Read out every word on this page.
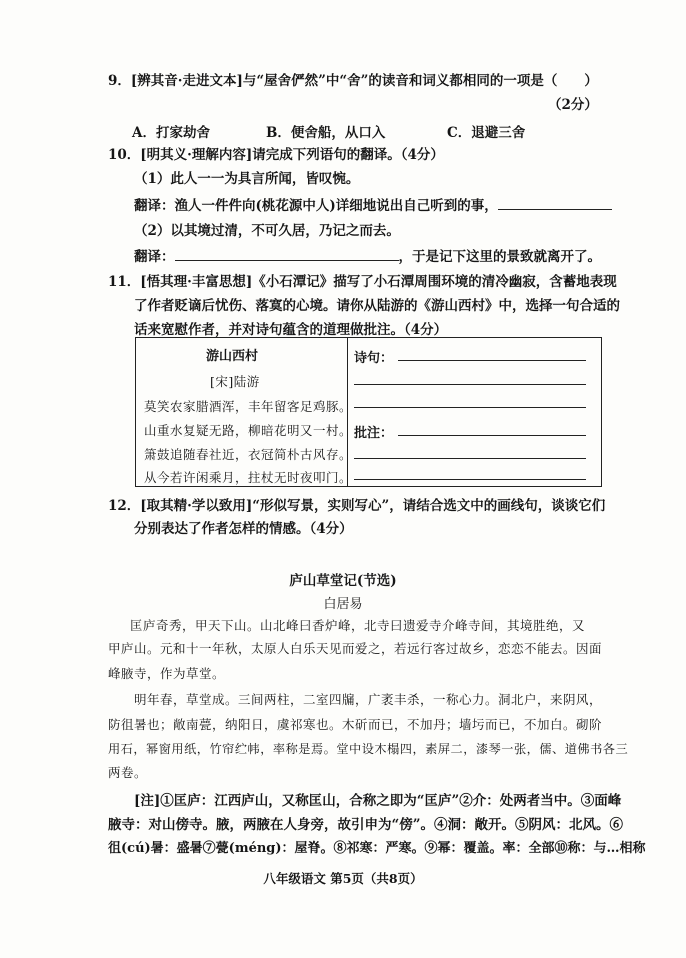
9．[辨其音·走进文本]与“屋舍俨然”中“舍”的读音和词义都相同的一项是（　　）
（2分）
A．打家劫舍	B．便舍船，从口入	C．退避三舍
10．[明其义·理解内容]请完成下列语句的翻译。（4分）
（1）此人一一为具言所闻，皆叹惋。
翻译：渔人一件件向(桃花源中人)详细地说出自己听到的事，
（2）以其境过清，不可久居，乃记之而去。
翻译：	，于是记下这里的景致就离开了。
11．[悟其理·丰富思想]《小石潭记》描写了小石潭周围环境的清冷幽寂，含蓄地表现
了作者贬谪后忧伤、落寞的心境。请你从陆游的《游山西村》中，选择一句合适的
话来宽慰作者，并对诗句蕴含的道理做批注。（4分）
游山西村
[宋]陆游
莫笑农家腊酒浑，丰年留客足鸡豚。
山重水复疑无路，柳暗花明又一村。
箫鼓追随春社近，衣冠简朴古风存。
从今若许闲乘月，拄杖无时夜叩门。
诗句：
批注：
12．[取其精·学以致用]“形似写景，实则写心”，请结合选文中的画线句，谈谈它们
分别表达了作者怎样的情感。（4分）
庐山草堂记(节选)
白居易
匡庐奇秀，甲天下山。山北峰曰香炉峰，北寺曰遗爱寺介峰寺间，其境胜绝，又
甲庐山。元和十一年秋，太原人白乐天见而爱之，若远行客过故乡，恋恋不能去。因面
峰腋寺，作为草堂。
明年春，草堂成。三间两柱，二室四牖，广袤丰杀，一称心力。洞北户，来阴风，
防徂暑也；敞南甍，纳阳日，虞祁寒也。木斫而已，不加丹；墙圬而已，不加白。砌阶
用石，幂窗用纸，竹帘纻帏，率称是焉。堂中设木榻四，素屏二，漆琴一张，儒、道佛书各三
两卷。
[注]①匡庐：江西庐山，又称匡山，合称之即为“匡庐”②介：处两者当中。③面峰
腋寺：对山傍寺。腋，两腋在人身旁，故引申为“傍”。④洞：敞开。⑤阴风：北风。⑥
徂(cú)暑：盛暑⑦甍(méng)：屋脊。⑧祁寒：严寒。⑨幂：覆盖。率：全部⑩称：与…相称
八年级语文 第5页（共8页）
